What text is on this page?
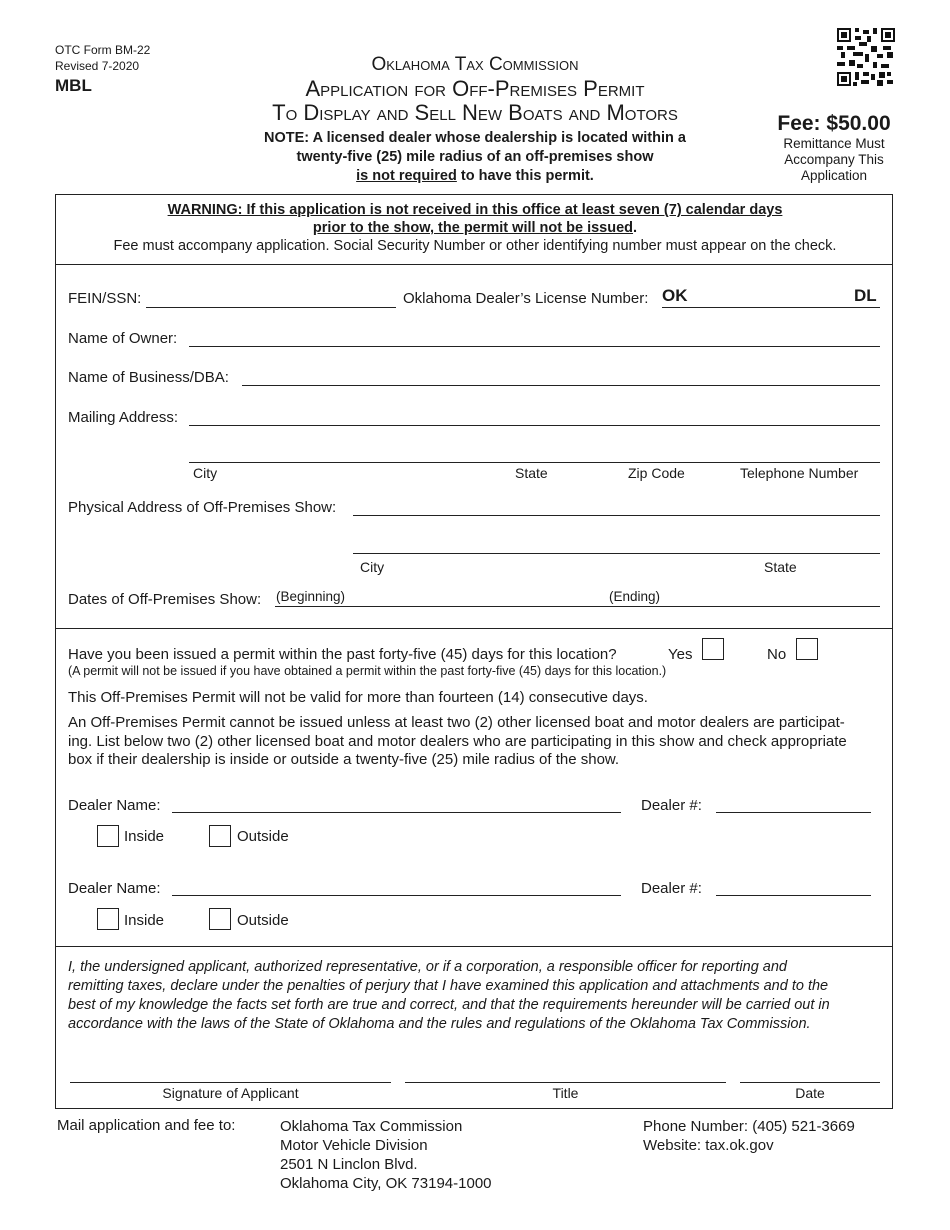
OTC Form BM-22
Revised 7-2020
MBL
Oklahoma Tax Commission
Application for Off-Premises Permit
To Display and Sell New Boats and Motors
NOTE: A licensed dealer whose dealership is located within a
twenty-five (25) mile radius of an off-premises show
is not required to have this permit.
Fee: $50.00
Remittance Must
Accompany This
Application
WARNING: If this application is not received in this office at least seven (7) calendar days
prior to the show, the permit will not be issued.
Fee must accompany application. Social Security Number or other identifying number must appear on the check.
FEIN/SSN:	Oklahoma Dealer’s License Number: OK	DL
Name of Owner:
Name of Business/DBA:
Mailing Address:
City	State	Zip Code	Telephone Number
Physical Address of Off-Premises Show:
City	State
Dates of Off-Premises Show: (Beginning)	(Ending)
Have you been issued a permit within the past forty-five (45) days for this location?	Yes	No
(A permit will not be issued if you have obtained a permit within the past forty-five (45) days for this location.)
This Off-Premises Permit will not be valid for more than fourteen (14) consecutive days.
An Off-Premises Permit cannot be issued unless at least two (2) other licensed boat and motor dealers are participat-
ing. List below two (2) other licensed boat and motor dealers who are participating in this show and check appropriate
box if their dealership is inside or outside a twenty-five (25) mile radius of the show.
Dealer Name:	Dealer #:
Inside	Outside
Dealer Name:	Dealer #:
Inside	Outside
I, the undersigned applicant, authorized representative, or if a corporation, a responsible officer for reporting and
remitting taxes, declare under the penalties of perjury that I have examined this application and attachments and to the
best of my knowledge the facts set forth are true and correct, and that the requirements hereunder will be carried out in
accordance with the laws of the State of Oklahoma and the rules and regulations of the Oklahoma Tax Commission.
Signature of Applicant	Title	Date
Mail application and fee to:	Oklahoma Tax Commission
Motor Vehicle Division
2501 N Linclon Blvd.
Oklahoma City, OK 73194-1000
Phone Number: (405) 521-3669
Website: tax.ok.gov
